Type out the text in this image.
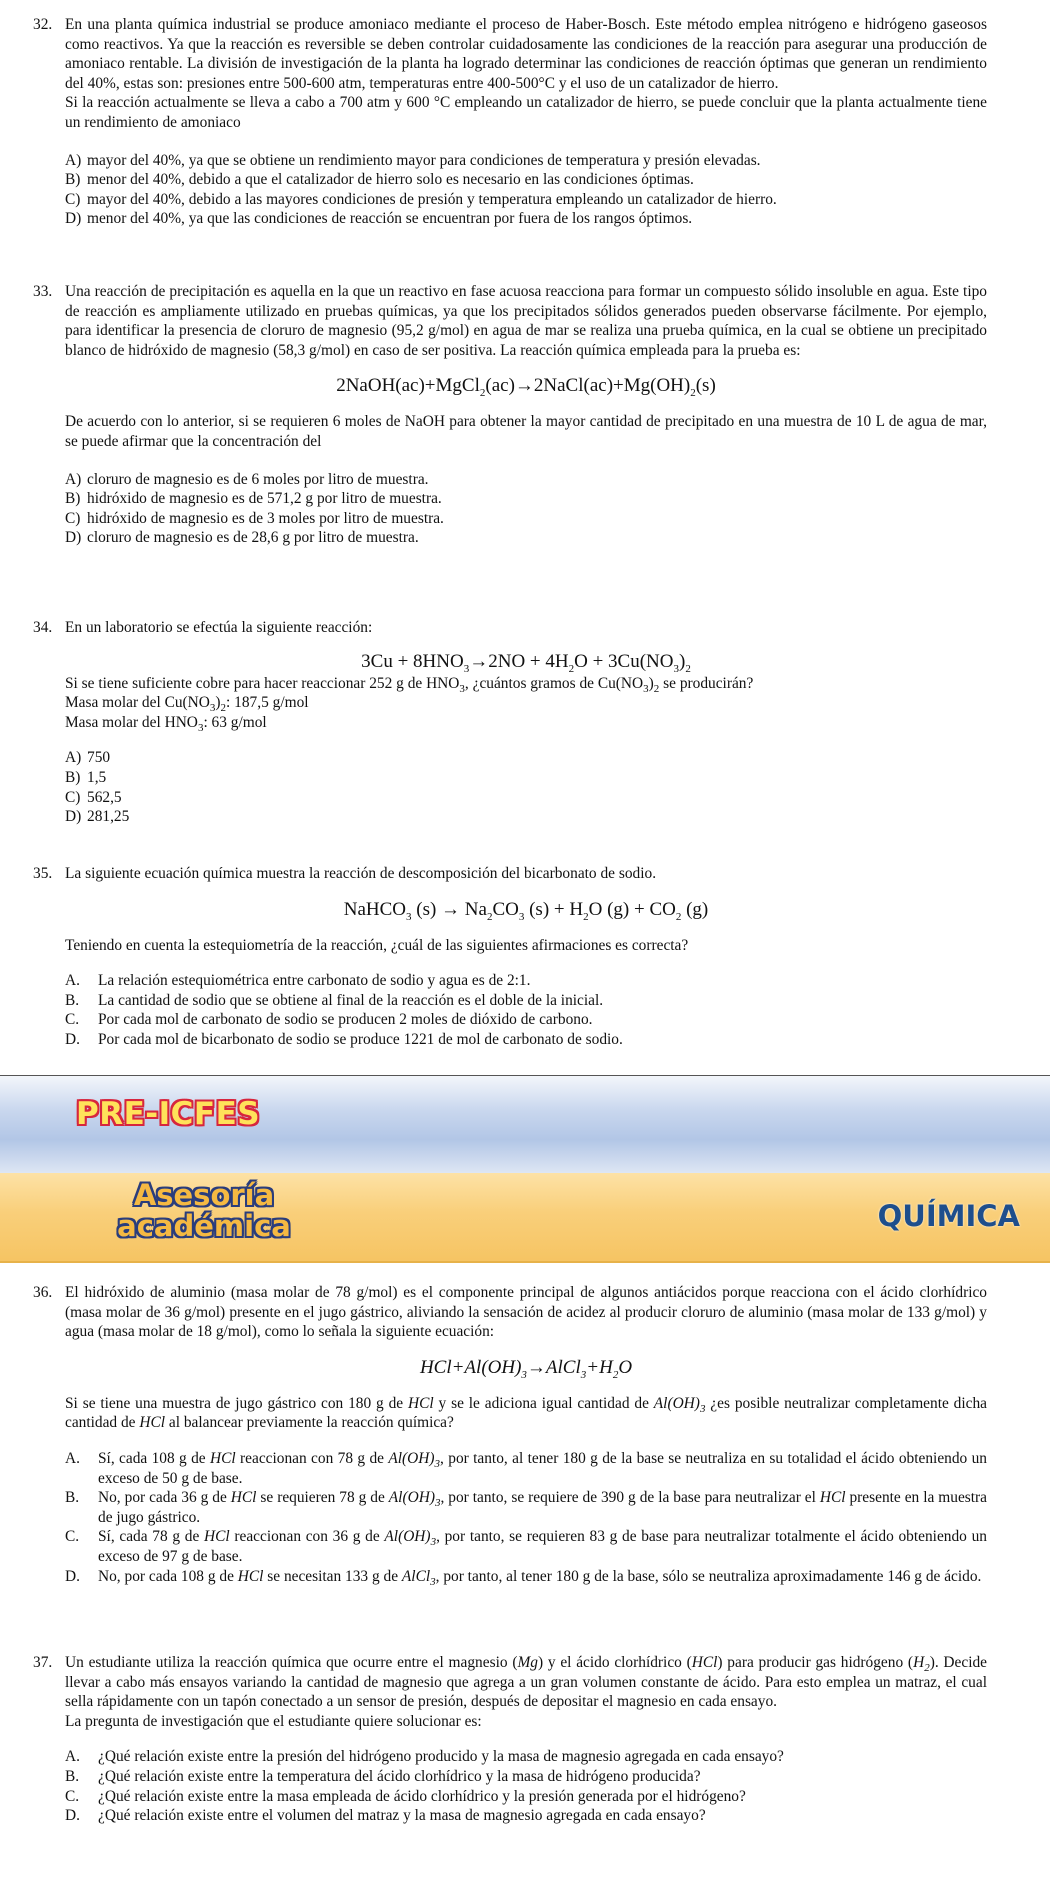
32. En una planta química industrial se produce amoniaco mediante el proceso de Haber-Bosch. Este método emplea nitrógeno e hidrógeno gaseosos como reactivos. Ya que la reacción es reversible se deben controlar cuidadosamente las condiciones de la reacción para asegurar una producción de amoniaco rentable. La división de investigación de la planta ha logrado determinar las condiciones de reacción óptimas que generan un rendimiento del 40%, estas son: presiones entre 500-600 atm, temperaturas entre 400-500°C y el uso de un catalizador de hierro.
Si la reacción actualmente se lleva a cabo a 700 atm y 600 °C empleando un catalizador de hierro, se puede concluir que la planta actualmente tiene un rendimiento de amoniaco
A) mayor del 40%, ya que se obtiene un rendimiento mayor para condiciones de temperatura y presión elevadas.
B) menor del 40%, debido a que el catalizador de hierro solo es necesario en las condiciones óptimas.
C) mayor del 40%, debido a las mayores condiciones de presión y temperatura empleando un catalizador de hierro.
D) menor del 40%, ya que las condiciones de reacción se encuentran por fuera de los rangos óptimos.
33. Una reacción de precipitación es aquella en la que un reactivo en fase acuosa reacciona para formar un compuesto sólido insoluble en agua. Este tipo de reacción es ampliamente utilizado en pruebas químicas, ya que los precipitados sólidos generados pueden observarse fácilmente. Por ejemplo, para identificar la presencia de cloruro de magnesio (95,2 g/mol) en agua de mar se realiza una prueba química, en la cual se obtiene un precipitado blanco de hidróxido de magnesio (58,3 g/mol) en caso de ser positiva. La reacción química empleada para la prueba es:
$2NaOH(ac)+MgCl_2(ac)\to 2NaCl(ac)+Mg(OH)_2(s)$
De acuerdo con lo anterior, si se requieren 6 moles de NaOH para obtener la mayor cantidad de precipitado en una muestra de 10 L de agua de mar, se puede afirmar que la concentración del
A) cloruro de magnesio es de 6 moles por litro de muestra.
B) hidróxido de magnesio es de 571,2 g por litro de muestra.
C) hidróxido de magnesio es de 3 moles por litro de muestra.
D) cloruro de magnesio es de 28,6 g por litro de muestra.
34. En un laboratorio se efectúa la siguiente reacción:
$3Cu + 8HNO_3\to 2NO + 4H_2O + 3Cu(NO_3)_2$
Si se tiene suficiente cobre para hacer reaccionar 252 g de $HNO_3$, ¿cuántos gramos de $Cu(NO_3)_2$ se producirán?
Masa molar del $Cu(NO_3)_2$: 187,5 g/mol
Masa molar del $HNO_3$: 63 g/mol
A) 750
B) 1,5
C) 562,5
D) 281,25
35. La siguiente ecuación química muestra la reacción de descomposición del bicarbonato de sodio.
NaHCO$_3$ $(s) \to Na_2CO_3$ $(s) + H_2O$ $(g) + CO_2$ (g)
Teniendo en cuenta la estequiometría de la reacción, ¿cuál de las siguientes afirmaciones es correcta?
A. La relación estequiométrica entre carbonato de sodio y agua es de 2:1.
B. La cantidad de sodio que se obtiene al final de la reacción es el doble de la inicial.
C. Por cada mol de carbonato de sodio se producen 2 moles de dióxido de carbono.
D. Por cada mol de bicarbonato de sodio se produce 1221 de mol de carbonato de sodio.
PRE-ICFES
Asesoría
académica	QUÍMICA
36. El hidróxido de aluminio (masa molar de 78 g/mol) es el componente principal de algunos antiácidos porque reacciona con el ácido clorhídrico (masa molar de 36 g/mol) presente en el jugo gástrico, aliviando la sensación de acidez al producir cloruro de aluminio (masa molar de 133 g/mol) y agua (masa molar de 18 g/mol), como lo señala la siguiente ecuación:
$HCl+Al(OH)_3\to AlCl_3+H_2O$
Si se tiene una muestra de jugo gástrico con 180 g de HCl y se le adiciona igual cantidad de $Al(OH)_3$ ¿es posible neutralizar completamente dicha cantidad de HCl al balancear previamente la reacción química?
A. Sí, cada 108 g de HCl reaccionan con 78 g de $Al(OH)_3$, por tanto, al tener 180 g de la base se neutraliza en su totalidad el ácido obteniendo un exceso de 50 g de base.
B. No, por cada 36 g de HCl se requieren 78 g de $Al(OH)_3$, por tanto, se requiere de 390 g de la base para neutralizar el HCl presente en la muestra de jugo gástrico.
C. Sí, cada 78 g de HCl reaccionan con 36 g de $Al(OH)_3$, por tanto, se requieren 83 g de base para neutralizar totalmente el ácido obteniendo un exceso de 97 g de base.
D. No, por cada 108 g de HCl se necesitan 133 g de AlCl$_3$, por tanto, al tener 180 g de la base, sólo se neutraliza aproximadamente 146 g de ácido.
37. Un estudiante utiliza la reacción química que ocurre entre el magnesio (Mg) y el ácido clorhídrico (HCl) para producir gas hidrógeno $(H_2)$. Decide llevar a cabo más ensayos variando la cantidad de magnesio que agrega a un gran volumen constante de ácido. Para esto emplea un matraz, el cual sella rápidamente con un tapón conectado a un sensor de presión, después de depositar el magnesio en cada ensayo.
La pregunta de investigación que el estudiante quiere solucionar es:
A. ¿Qué relación existe entre la presión del hidrógeno producido y la masa de magnesio agregada en cada ensayo?
B. ¿Qué relación existe entre la temperatura del ácido clorhídrico y la masa de hidrógeno producida?
C. ¿Qué relación existe entre la masa empleada de ácido clorhídrico y la presión generada por el hidrógeno?
D. ¿Qué relación existe entre el volumen del matraz y la masa de magnesio agregada en cada ensayo?
